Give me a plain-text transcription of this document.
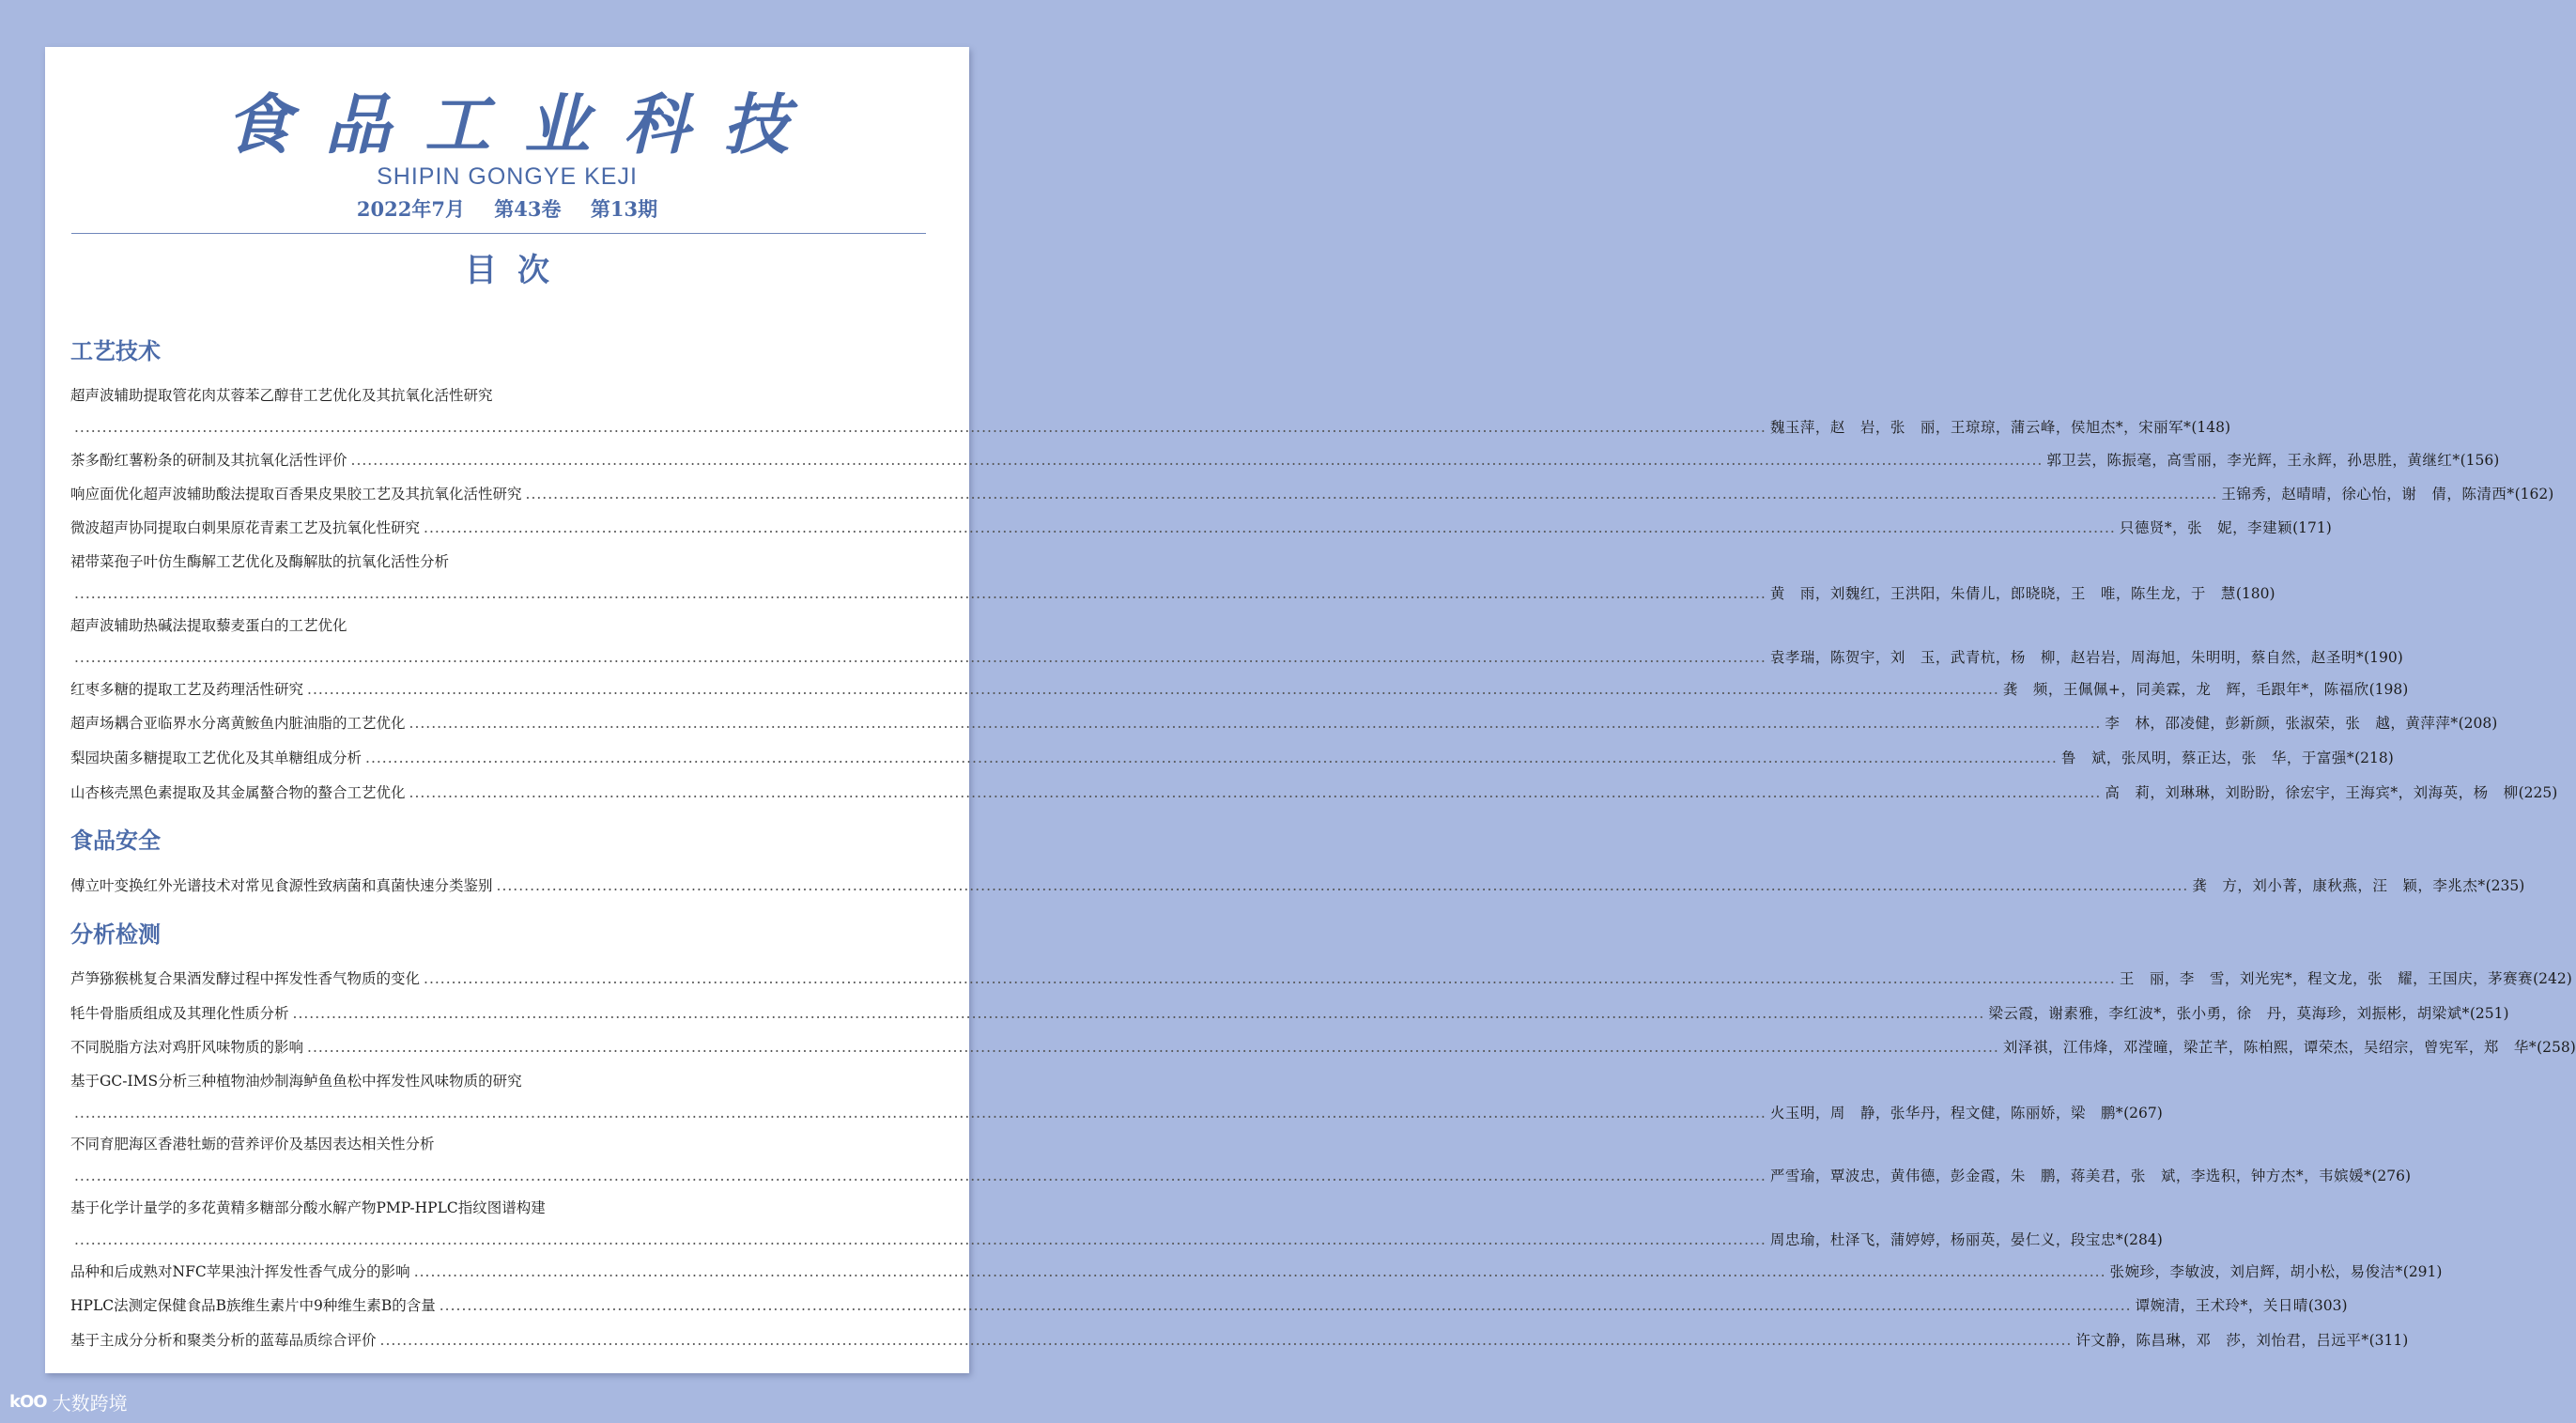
食品工业科技
SHIPIN GONGYE KEJI
2022年7月 第43卷 第13期
目次
工艺技术
超声波辅助提取管花肉苁蓉苯乙醇苷工艺优化及其抗氧化活性研究
.....
魏玉萍，赵　岩，张　丽，王琼琼，蒲云峰，侯旭杰*，宋丽军* (148)
茶多酚红薯粉条的研制及其抗氧化活性评价 .....	郭卫芸，陈振毫，高雪丽，李光辉，王永辉，孙思胜，黄继红* (156)
响应面优化超声波辅助酸法提取百香果皮果胶工艺及其抗氧化活性研究 .....	王锦秀，赵晴晴，徐心怡，谢　倩，陈清西* (162)
微波超声协同提取白刺果原花青素工艺及抗氧化性研究 .....	只德贤*，张　妮，李建颖 (171)
裙带菜孢子叶仿生酶解工艺优化及酶解肽的抗氧化活性分析
.....
黄　雨，刘魏红，王洪阳，朱倩儿，郎晓晓，王　唯，陈生龙，于　慧 (180)
超声波辅助热碱法提取藜麦蛋白的工艺优化
.....
袁孝瑞，陈贺宇，刘　玉，武青杭，杨　柳，赵岩岩，周海旭，朱明明，蔡自然，赵圣明* (190)
红枣多糖的提取工艺及药理活性研究 .....	龚　频，王佩佩+，同美霖，龙　辉，毛跟年*，陈福欣 (198)
超声场耦合亚临界水分离黄鮟鱼内脏油脂的工艺优化 .....	李　林，邵凌健，彭新颜，张淑荣，张　越，黄萍萍* (208)
梨园块菌多糖提取工艺优化及其单糖组成分析 .....	鲁　斌，张凤明，蔡正达，张　华，于富强* (218)
山杏核壳黑色素提取及其金属螯合物的螯合工艺优化 .....	高　莉，刘琳琳，刘盼盼，徐宏宇，王海宾*，刘海英，杨　柳 (225)
食品安全
傅立叶变换红外光谱技术对常见食源性致病菌和真菌快速分类鉴别 .....	龚　方，刘小菁，康秋燕，汪　颖，李兆杰* (235)
分析检测
芦笋猕猴桃复合果酒发酵过程中挥发性香气物质的变化 .....	王　丽，李　雪，刘光宪*，程文龙，张　耀，王国庆，茅赛赛 (242)
牦牛骨脂质组成及其理化性质分析 .....	梁云霞，谢素雅，李红波*，张小勇，徐　丹，莫海珍，刘振彬，胡梁斌* (251)
不同脱脂方法对鸡肝风味物质的影响 .....	刘泽祺，江伟烽，邓滢曈，梁芷芊，陈柏熙，谭荣杰，吴绍宗，曾宪军，郑　华* (258)
基于GC-IMS分析三种植物油炒制海鲈鱼鱼松中挥发性风味物质的研究
.....
火玉明，周　静，张华丹，程文健，陈丽娇，梁　鹏* (267)
不同育肥海区香港牡蛎的营养评价及基因表达相关性分析
.....
严雪瑜，覃波忠，黄伟德，彭金霞，朱　鹏，蒋美君，张　斌，李选积，钟方杰*，韦嫔媛* (276)
基于化学计量学的多花黄精多糖部分酸水解产物PMP-HPLC指纹图谱构建
.....
周忠瑜，杜泽飞，蒲婷婷，杨丽英，晏仁义，段宝忠* (284)
品种和后成熟对NFC苹果浊汁挥发性香气成分的影响 .....	张婉珍，李敏波，刘启辉，胡小松，易俊洁* (291)
HPLC法测定保健食品B族维生素片中9种维生素B的含量 .....	谭婉清，王术玲*，关日晴 (303)
基于主成分分析和聚类分析的蓝莓品质综合评价 .....	许文静，陈昌琳，邓　莎，刘怡君，吕远平* (311)
kOO 大数跨境
